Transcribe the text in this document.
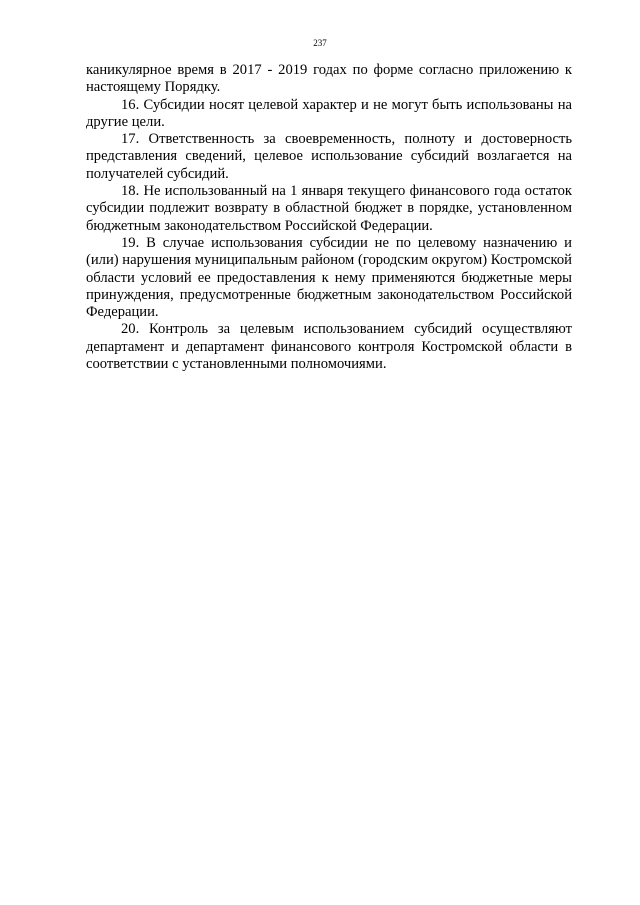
237

каникулярное время в 2017 - 2019 годах по форме согласно приложению к настоящему Порядку.

16. Субсидии носят целевой характер и не могут быть использованы на другие цели.

17. Ответственность за своевременность, полноту и достоверность представления сведений, целевое использование субсидий возлагается на получателей субсидий.

18. Не использованный на 1 января текущего финансового года остаток субсидии подлежит возврату в областной бюджет в порядке, установленном бюджетным законодательством Российской Федерации.

19. В случае использования субсидии не по целевому назначению и (или) нарушения муниципальным районом (городским округом) Костромской области условий ее предоставления к нему применяются бюджетные меры принуждения, предусмотренные бюджетным законодательством Российской Федерации.

20. Контроль за целевым использованием субсидий осуществляют департамент и департамент финансового контроля Костромской области в соответствии с установленными полномочиями.
